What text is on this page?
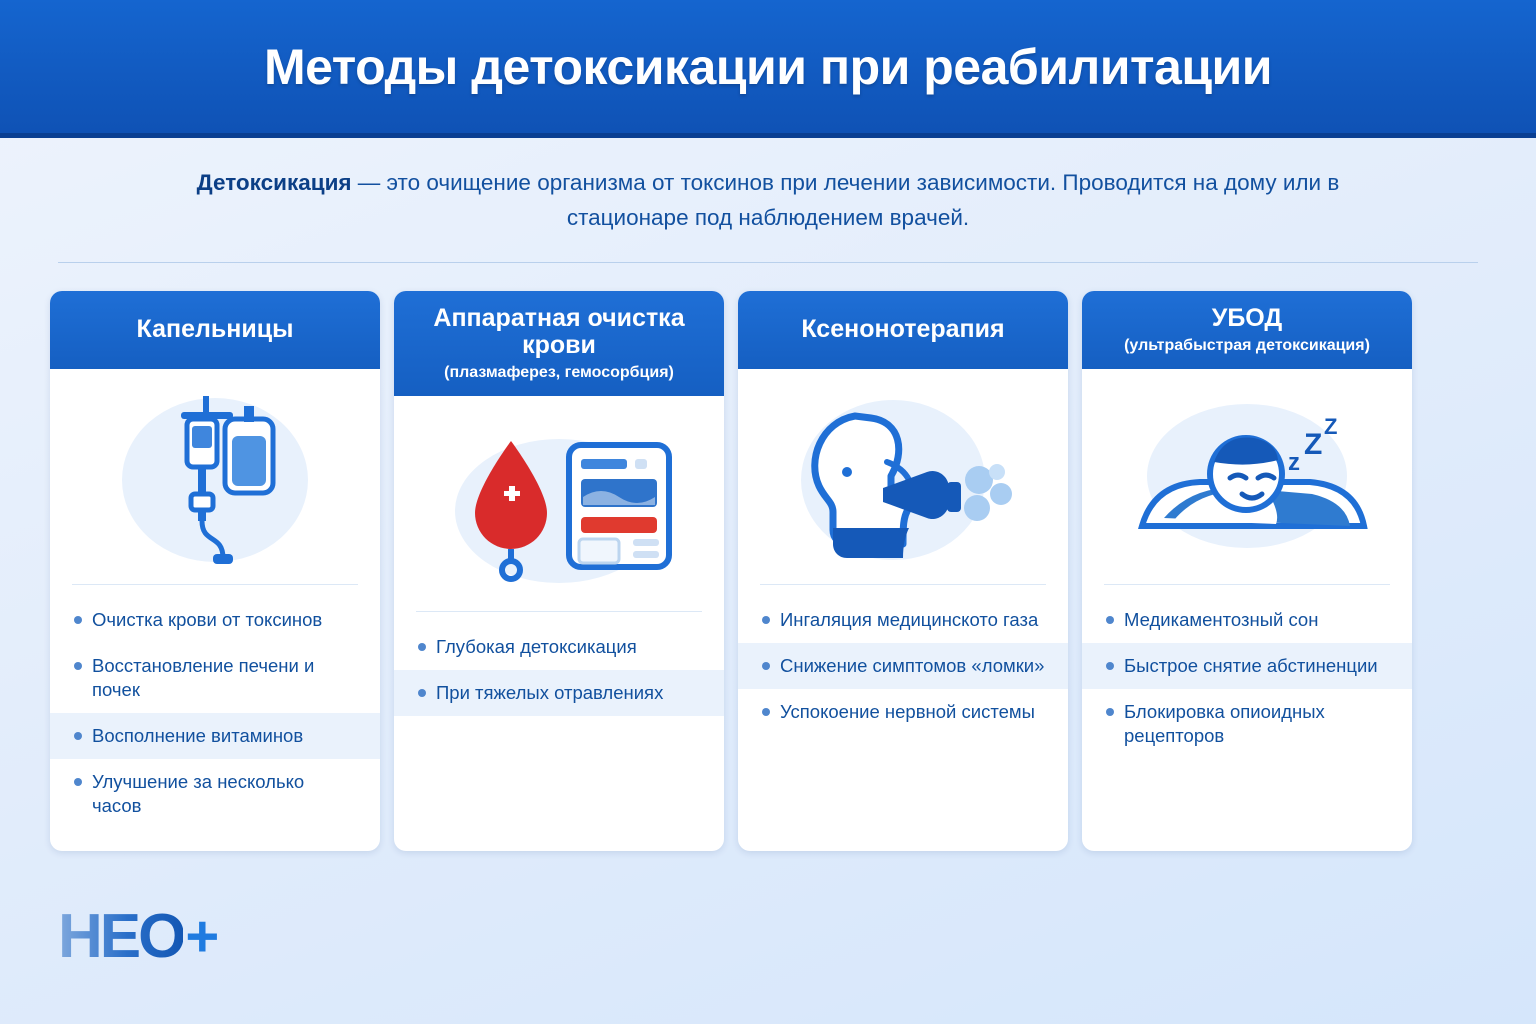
Методы детоксикации при реабилитации
Детоксикация — это очищение организма от токсинов при лечении зависимости. Проводится на дому или в стационаре под наблюдением врачей.
Капельницы
Очистка крови от токсинов
Восстановление печени и почек
Восполнение витаминов
Улучшение за несколько часов
Аппаратная очистка крови
(плазмаферез, гемосорбция)
Глубокая детоксикация
При тяжелых отравлениях
Ксенонотерапия
Ингаляция медицинското газа
Снижение симптомов «ломки»
Успокоение нервной системы
УБОД
(ультрабыстрая детоксикация)
z
Z
Z
Медикаментозный сон
Быстрое снятие абстиненции
Блокировка опиоидных рецепторов
HEO +
